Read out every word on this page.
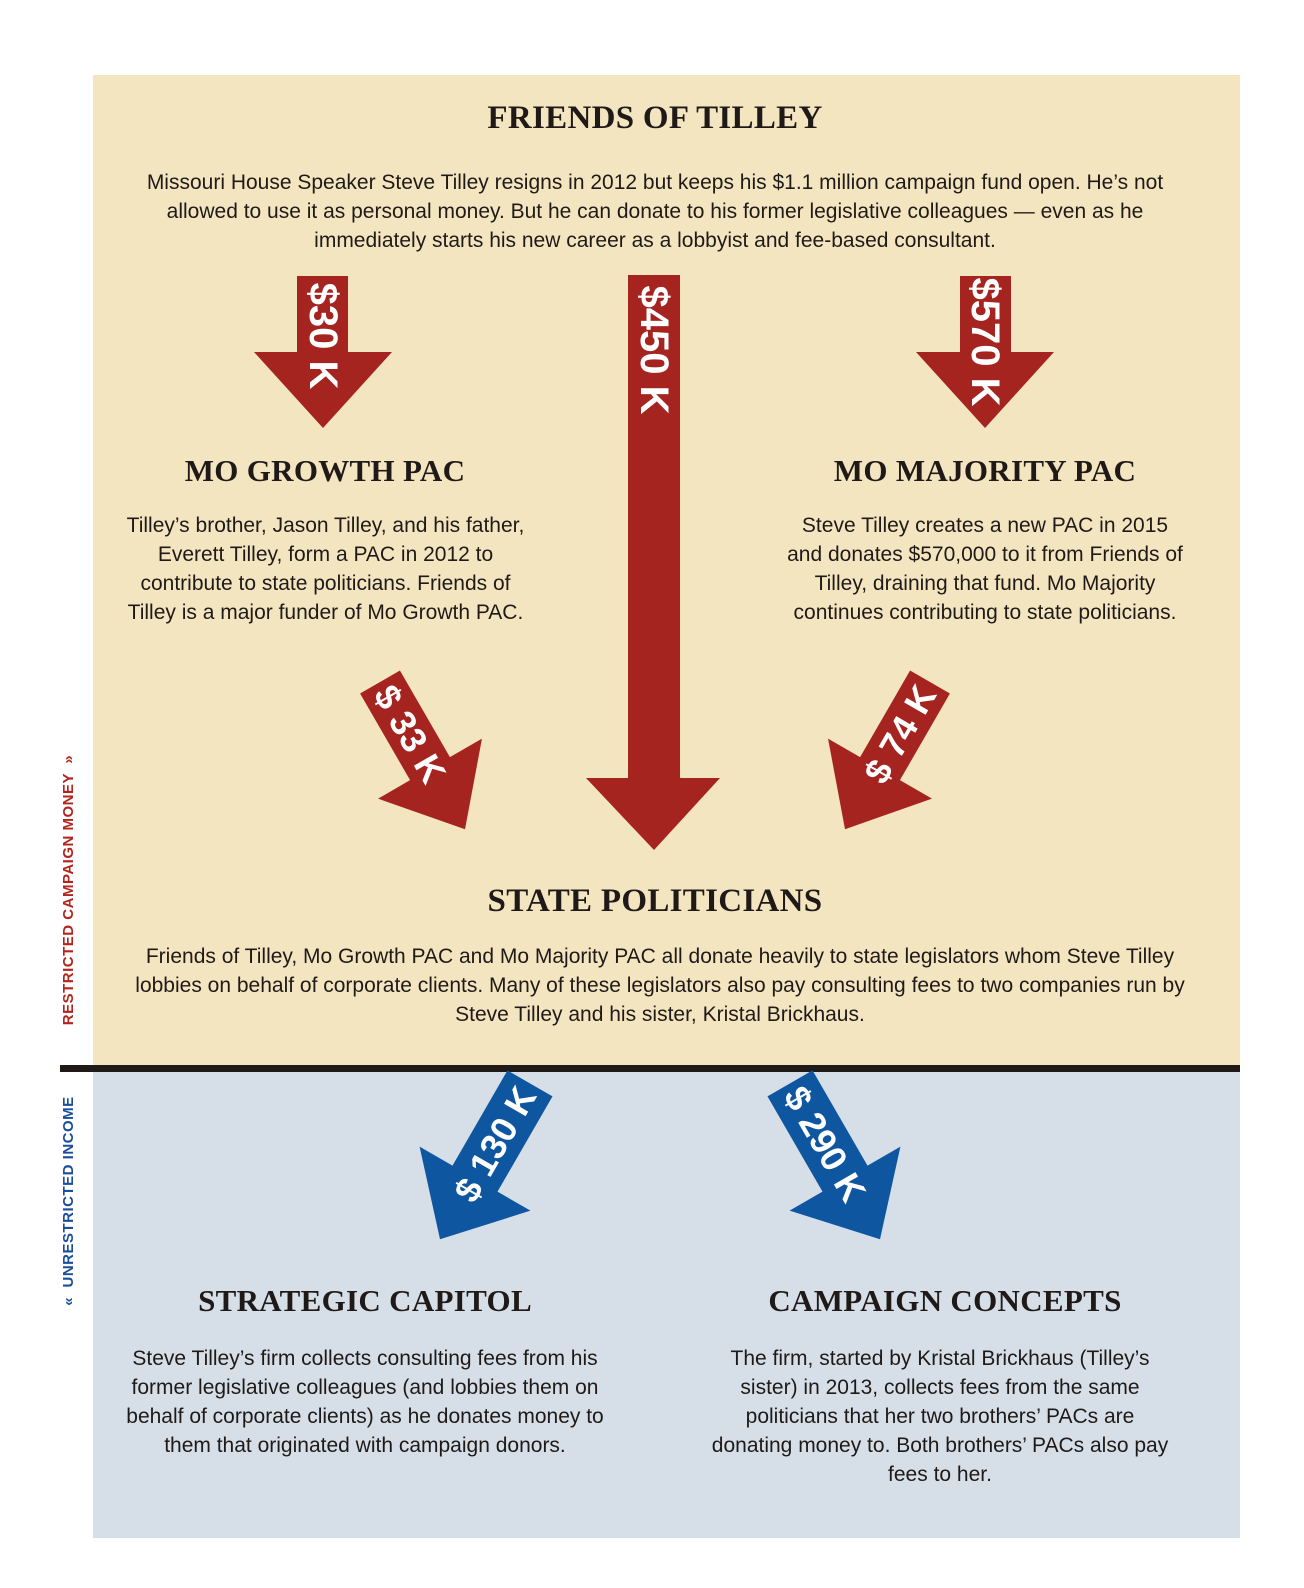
RESTRICTED CAMPAIGN MONEY  »
«  UNRESTRICTED INCOME
FRIENDS OF TILLEY

Missouri House Speaker Steve Tilley resigns in 2012 but keeps his $1.1 million campaign fund open. He’s not allowed to use it as personal money. But he can donate to his former legislative colleagues — even as he immediately starts his new career as a lobbyist and fee-based consultant.

MO GROWTH PAC

Tilley’s brother, Jason Tilley, and his father, Everett Tilley, form a PAC in 2012 to contribute to state politicians. Friends of Tilley is a major funder of Mo Growth PAC.

MO MAJORITY PAC

Steve Tilley creates a new PAC in 2015 and donates $570,000 to it from Friends of Tilley, draining that fund. Mo Majority continues contributing to state politicians.

STATE POLITICIANS

Friends of Tilley, Mo Growth PAC and Mo Majority PAC all donate heavily to state legislators whom Steve Tilley lobbies on behalf of corporate clients. Many of these legislators also pay consulting fees to two companies run by Steve Tilley and his sister, Kristal Brickhaus.

STRATEGIC CAPITOL

Steve Tilley’s firm collects consulting fees from his former legislative colleagues (and lobbies them on behalf of corporate clients) as he donates money to them that originated with campaign donors.

CAMPAIGN CONCEPTS

The firm, started by Kristal Brickhaus (Tilley’s sister) in 2013, collects fees from the same politicians that her two brothers’ PACs are donating money to. Both brothers’ PACs also pay fees to her.

$30 K	$450 K	$570 K
$ 33 K	$ 74 K
$ 130 K	$ 290 K
